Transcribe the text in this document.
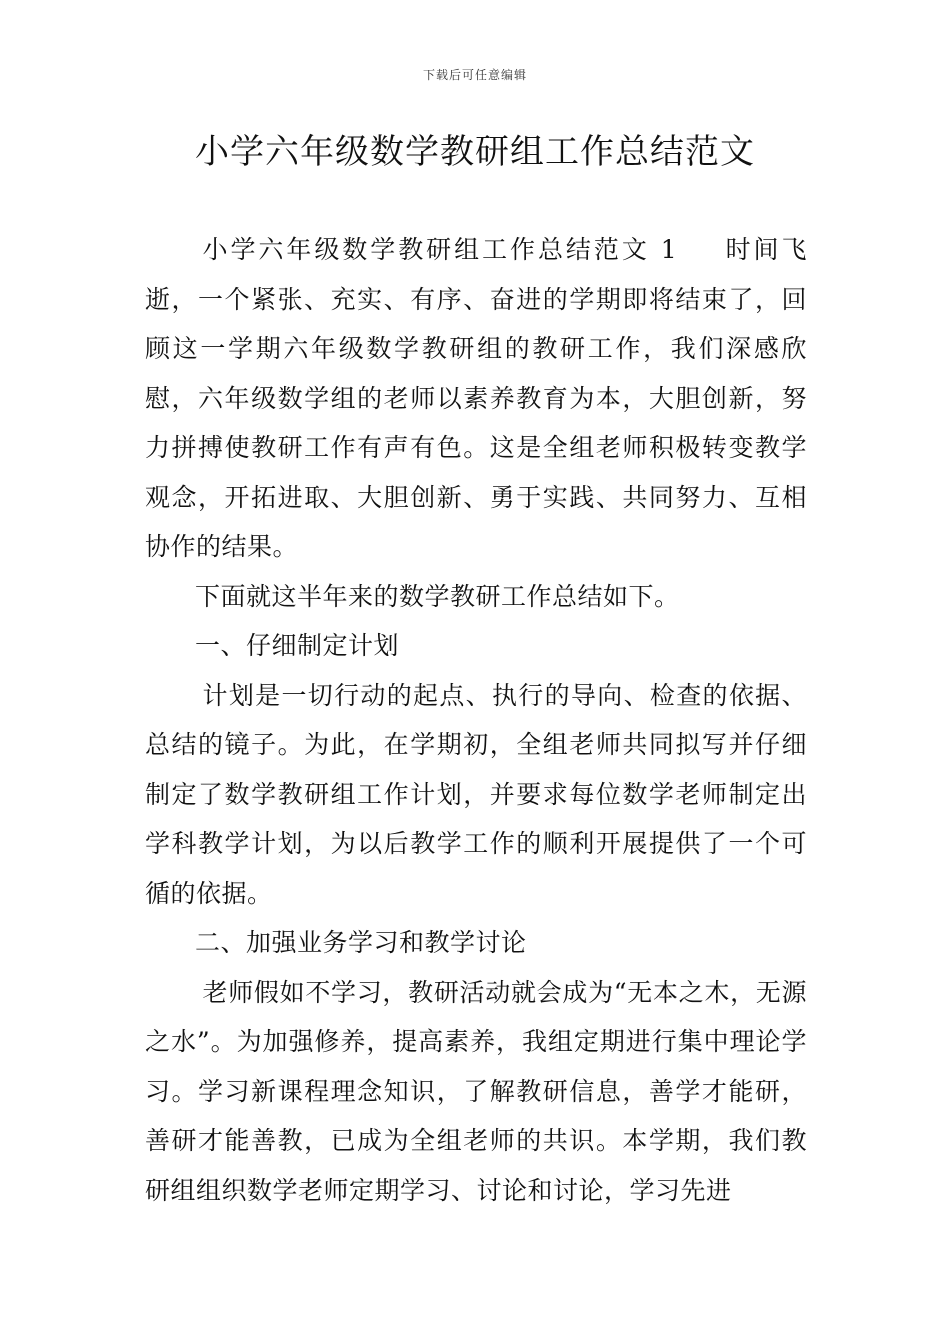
下载后可任意编辑
小学六年级数学教研组工作总结范文

小学六年级数学教研组工作总结范文 1 时间飞逝，一个紧张、充实、有序、奋进的学期即将结束了，回顾这一学期六年级数学教研组的教研工作，我们深感欣慰，六年级数学组的老师以素养教育为本，大胆创新，努力拼搏使教研工作有声有色。这是全组老师积极转变教学观念，开拓进取、大胆创新、勇于实践、共同努力、互相协作的结果。

下面就这半年来的数学教研工作总结如下。

一、仔细制定计划

计划是一切行动的起点、执行的导向、检查的依据、总结的镜子。为此，在学期初，全组老师共同拟写并仔细制定了数学教研组工作计划，并要求每位数学老师制定出学科教学计划，为以后教学工作的顺利开展提供了一个可循的依据。

二、加强业务学习和教学讨论

老师假如不学习，教研活动就会成为“无本之木，无源之水”。为加强修养，提高素养，我组定期进行集中理论学习。学习新课程理念知识，了解教研信息，善学才能研，善研才能善教，已成为全组老师的共识。本学期，我们教研组组织数学老师定期学习、讨论和讨论，学习先进
